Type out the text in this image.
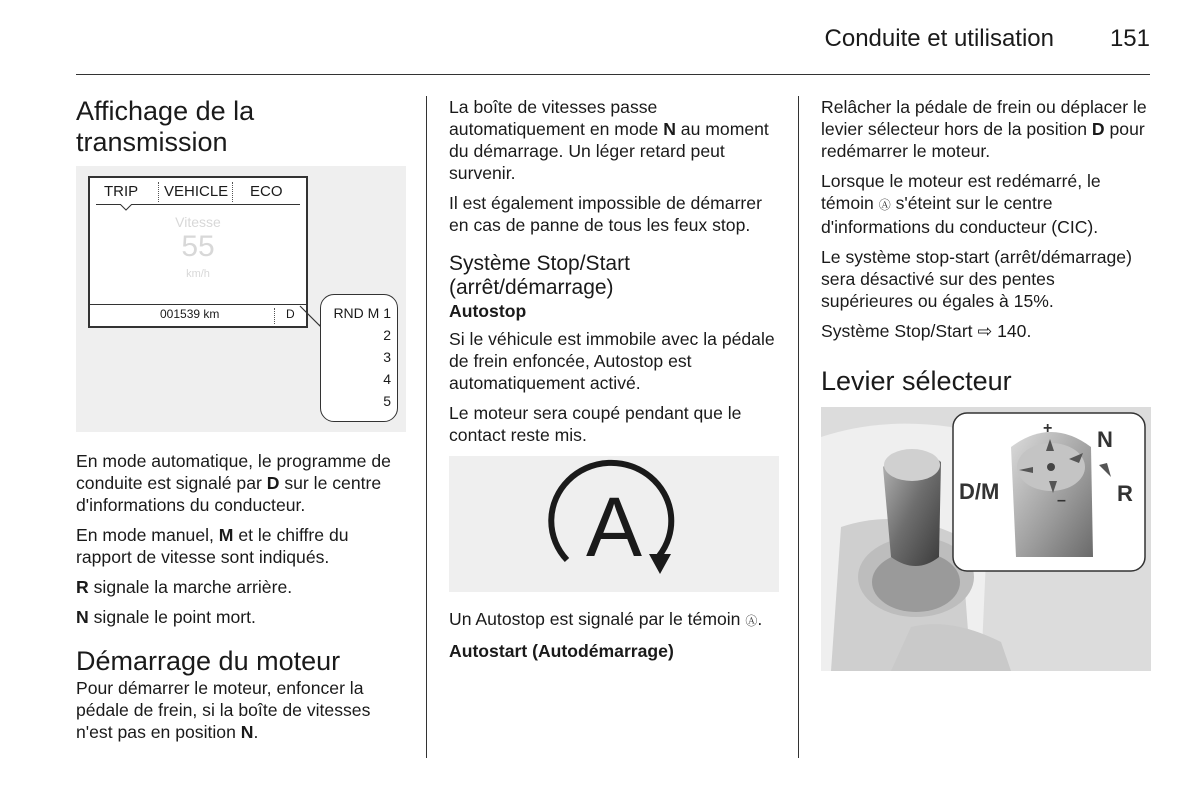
Conduite et utilisation 151
Affichage de la transmission
TRIP VEHICLE ECO
Vitesse
55
km/h
001539 km	D	RND M 1
2
3
4
5

En mode automatique, le programme de conduite est signalé par D sur le centre d'informations du conducteur.

En mode manuel, M et le chiffre du rapport de vitesse sont indiqués.

R signale la marche arrière.

N signale le point mort.

Démarrage du moteur

Pour démarrer le moteur, enfoncer la pédale de frein, si la boîte de vitesses n'est pas en position N.

La boîte de vitesses passe automatiquement en mode N au moment du démarrage. Un léger retard peut survenir.

Il est également impossible de démarrer en cas de panne de tous les feux stop.

Système Stop/Start (arrêt/démarrage)
Autostop

Si le véhicule est immobile avec la pédale de frein enfoncée, Autostop est automatiquement activé.

Le moteur sera coupé pendant que le contact reste mis.

A

Un Autostop est signalé par le témoin Ⓐ.

Autostart (Autodémarrage)

Relâcher la pédale de frein ou déplacer le levier sélecteur hors de la position D pour redémarrer le moteur.

Lorsque le moteur est redémarré, le témoin Ⓐ s'éteint sur le centre d'informations du conducteur (CIC).

Le système stop-start (arrêt/démarrage) sera désactivé sur des pentes supérieures ou égales à 15%.

Système Stop/Start ⇨ 140.

Levier sélecteur
+
–
D/M
N
R
